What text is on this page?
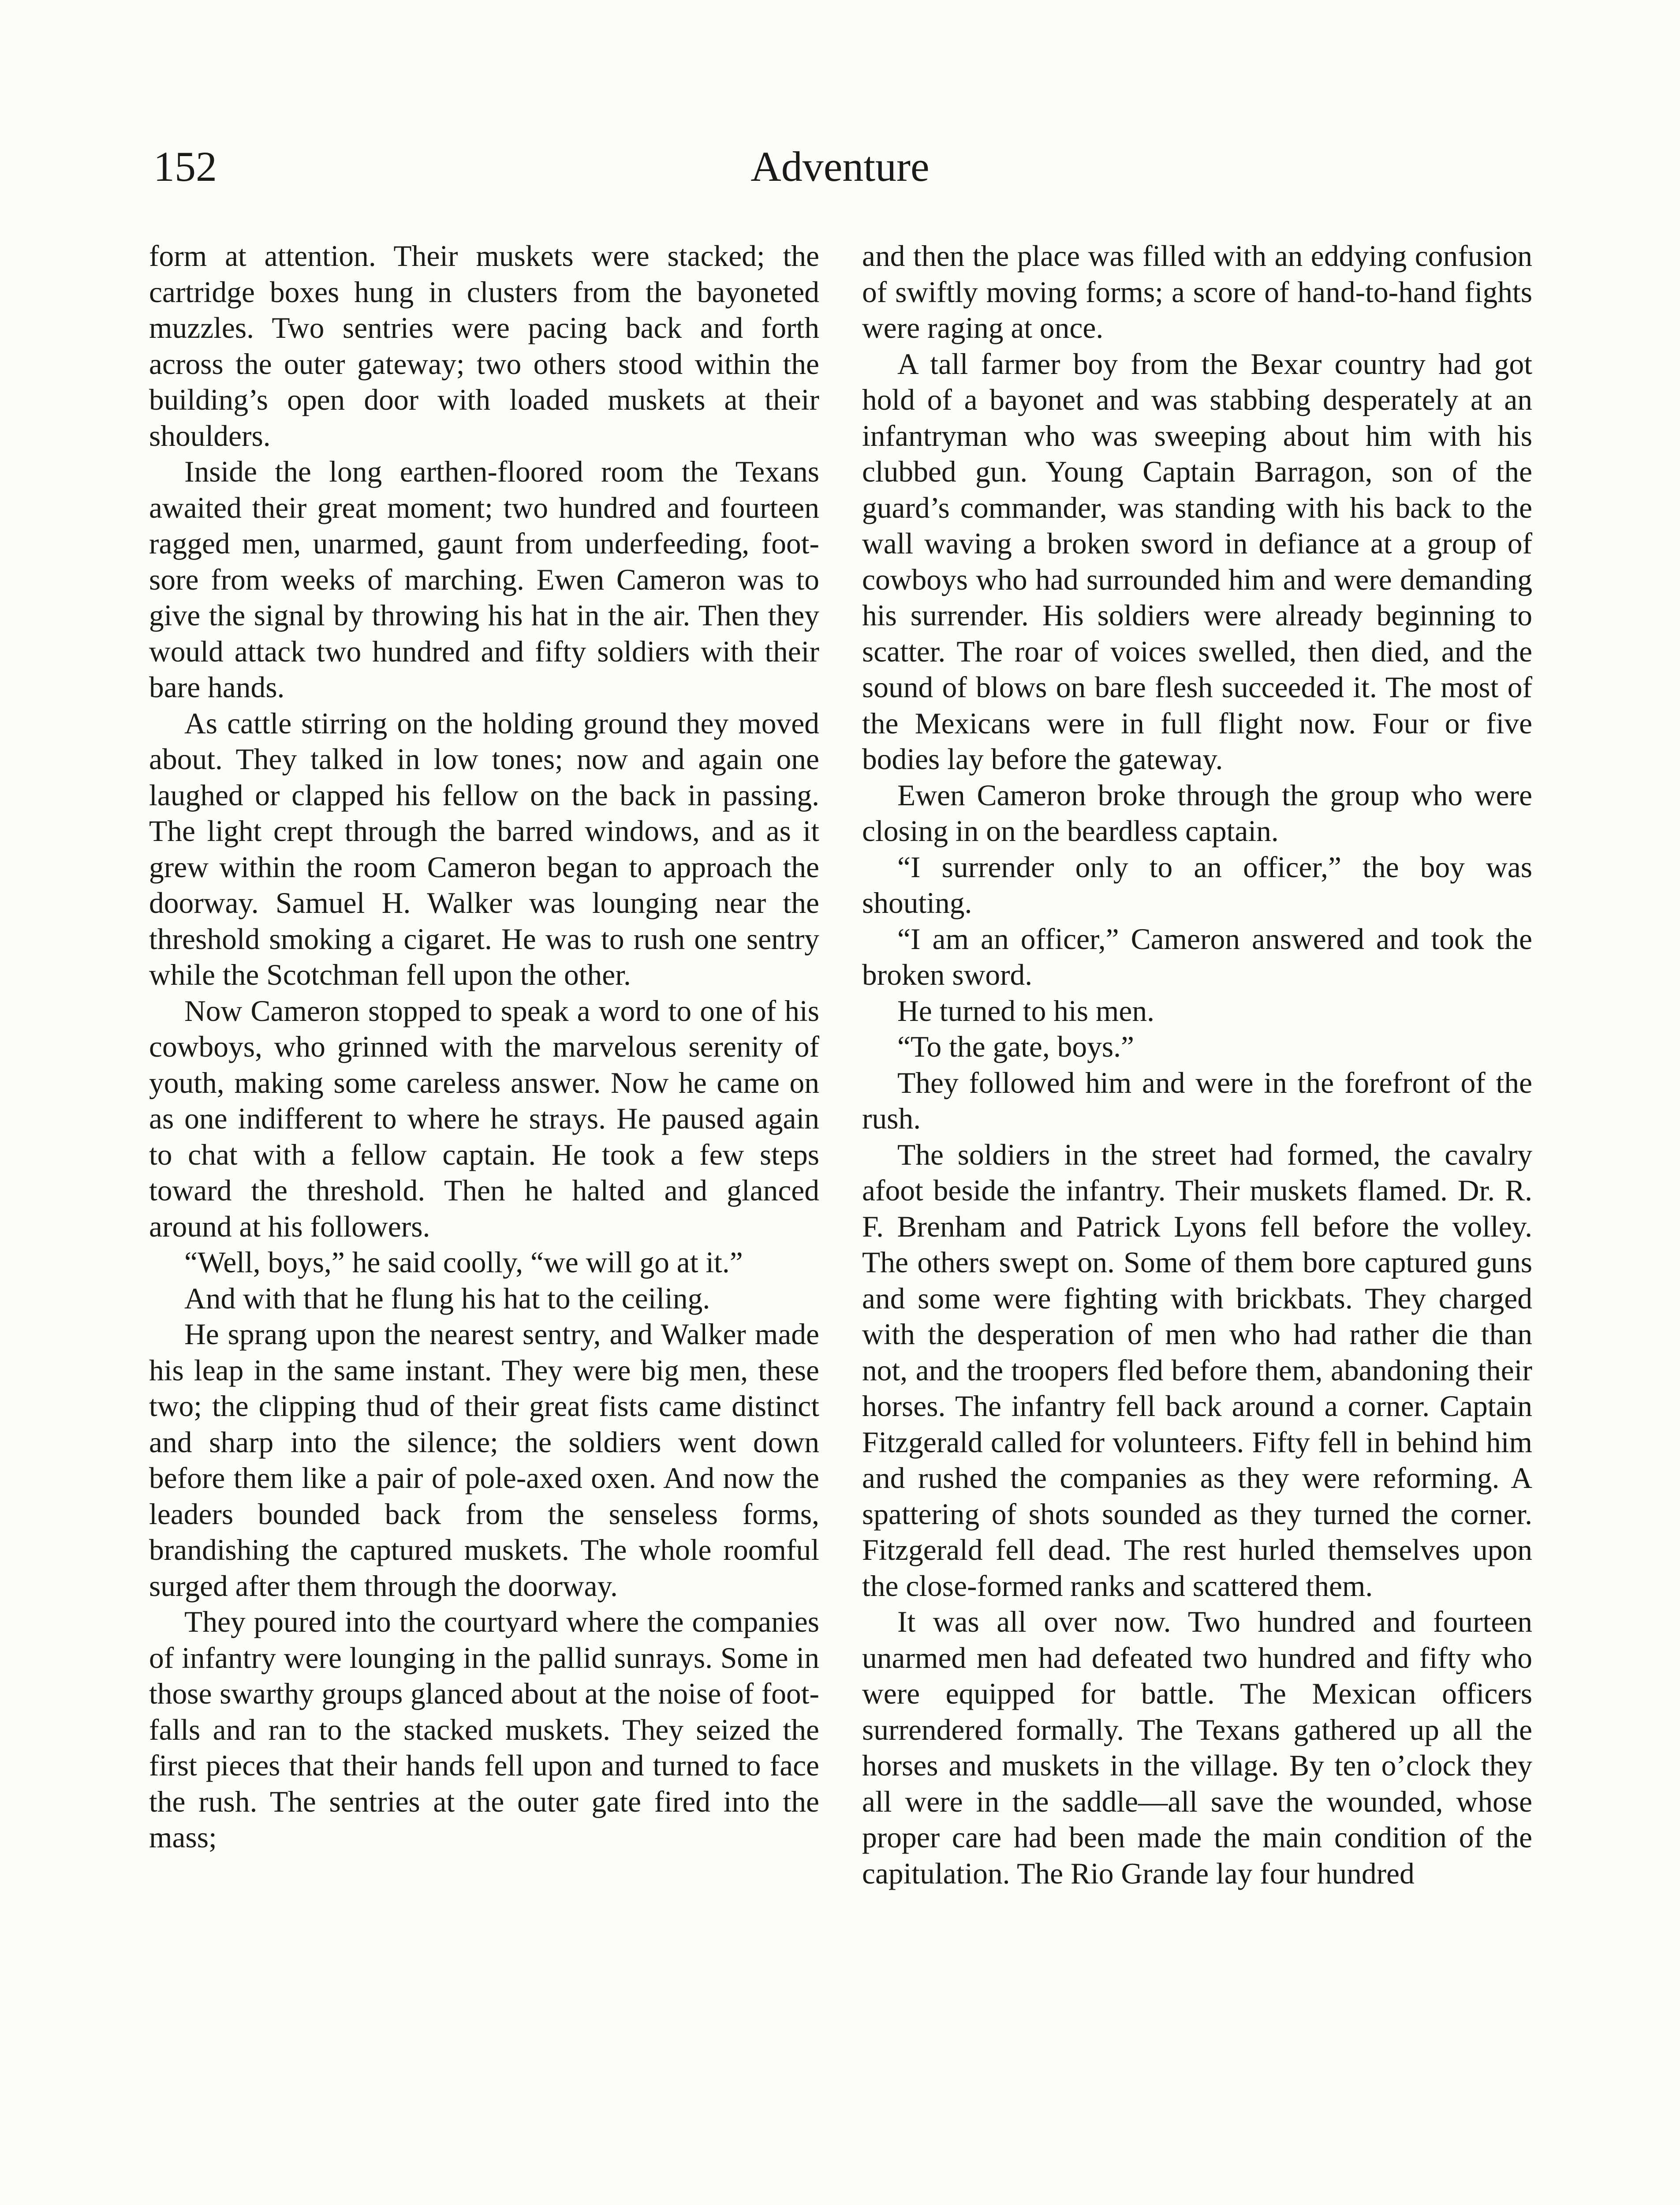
152	Adventure

form at attention. Their muskets were stacked; the cartridge boxes hung in clusters from the bayoneted muzzles. Two sentries were pacing back and forth across the outer gateway; two others stood within the building’s open door with loaded muskets at their shoulders.

Inside the long earthen-floored room the Texans awaited their great moment; two hundred and fourteen ragged men, unarmed, gaunt from underfeeding, foot-sore from weeks of marching. Ewen Cameron was to give the signal by throwing his hat in the air. Then they would attack two hundred and fifty soldiers with their bare hands.

As cattle stirring on the holding ground they moved about. They talked in low tones; now and again one laughed or clapped his fellow on the back in passing. The light crept through the barred windows, and as it grew within the room Cameron began to approach the doorway. Samuel H. Walker was lounging near the threshold smoking a cigaret. He was to rush one sentry while the Scotchman fell upon the other.

Now Cameron stopped to speak a word to one of his cowboys, who grinned with the marvelous serenity of youth, making some careless answer. Now he came on as one indifferent to where he strays. He paused again to chat with a fellow captain. He took a few steps toward the threshold. Then he halted and glanced around at his followers.

“Well, boys,” he said coolly, “we will go at it.”

And with that he flung his hat to the ceiling.

He sprang upon the nearest sentry, and Walker made his leap in the same instant. They were big men, these two; the clipping thud of their great fists came distinct and sharp into the silence; the soldiers went down before them like a pair of pole-axed oxen. And now the leaders bounded back from the senseless forms, brandishing the captured muskets. The whole roomful surged after them through the doorway.

They poured into the courtyard where the companies of infantry were lounging in the pallid sunrays. Some in those swarthy groups glanced about at the noise of footfalls and ran to the stacked muskets. They seized the first pieces that their hands fell upon and turned to face the rush. The sentries at the outer gate fired into the mass;

and then the place was filled with an eddying confusion of swiftly moving forms; a score of hand-to-hand fights were raging at once.

A tall farmer boy from the Bexar country had got hold of a bayonet and was stabbing desperately at an infantryman who was sweeping about him with his clubbed gun. Young Captain Barragon, son of the guard’s commander, was standing with his back to the wall waving a broken sword in defiance at a group of cowboys who had surrounded him and were demanding his surrender. His soldiers were already beginning to scatter. The roar of voices swelled, then died, and the sound of blows on bare flesh succeeded it. The most of the Mexicans were in full flight now. Four or five bodies lay before the gateway.

Ewen Cameron broke through the group who were closing in on the beardless captain.

“I surrender only to an officer,” the boy was shouting.

“I am an officer,” Cameron answered and took the broken sword.

He turned to his men.

“To the gate, boys.”

They followed him and were in the forefront of the rush.

The soldiers in the street had formed, the cavalry afoot beside the infantry. Their muskets flamed. Dr. R. F. Brenham and Patrick Lyons fell before the volley. The others swept on. Some of them bore captured guns and some were fighting with brickbats. They charged with the desperation of men who had rather die than not, and the troopers fled before them, abandoning their horses. The infantry fell back around a corner. Captain Fitzgerald called for volunteers. Fifty fell in behind him and rushed the companies as they were reforming. A spattering of shots sounded as they turned the corner. Fitzgerald fell dead. The rest hurled themselves upon the close-formed ranks and scattered them.

It was all over now. Two hundred and fourteen unarmed men had defeated two hundred and fifty who were equipped for battle. The Mexican officers surrendered formally. The Texans gathered up all the horses and muskets in the village. By ten o’clock they all were in the saddle—all save the wounded, whose proper care had been made the main condition of the capitulation. The Rio Grande lay four hundred
